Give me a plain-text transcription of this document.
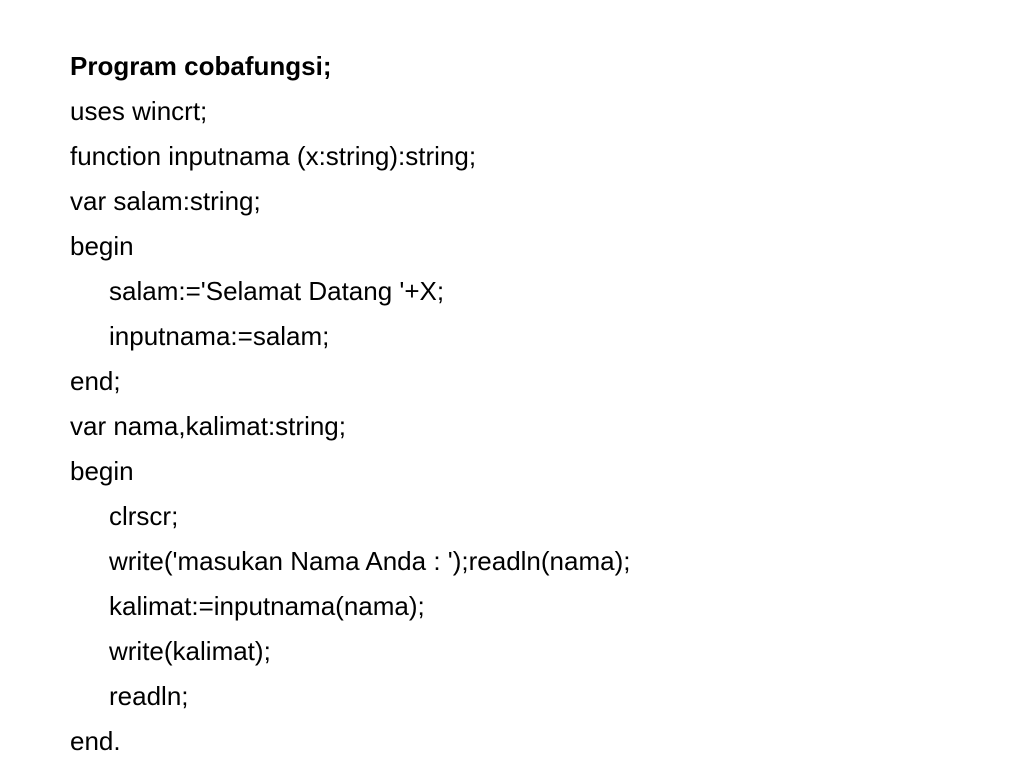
Program cobafungsi;
uses wincrt;
function inputnama (x:string):string;
var salam:string;
begin
salam:='Selamat Datang '+X;
inputnama:=salam;
end;
var nama,kalimat:string;
begin
clrscr;
write('masukan Nama Anda : ');readln(nama);
kalimat:=inputnama(nama);
write(kalimat);
readln;
end.
